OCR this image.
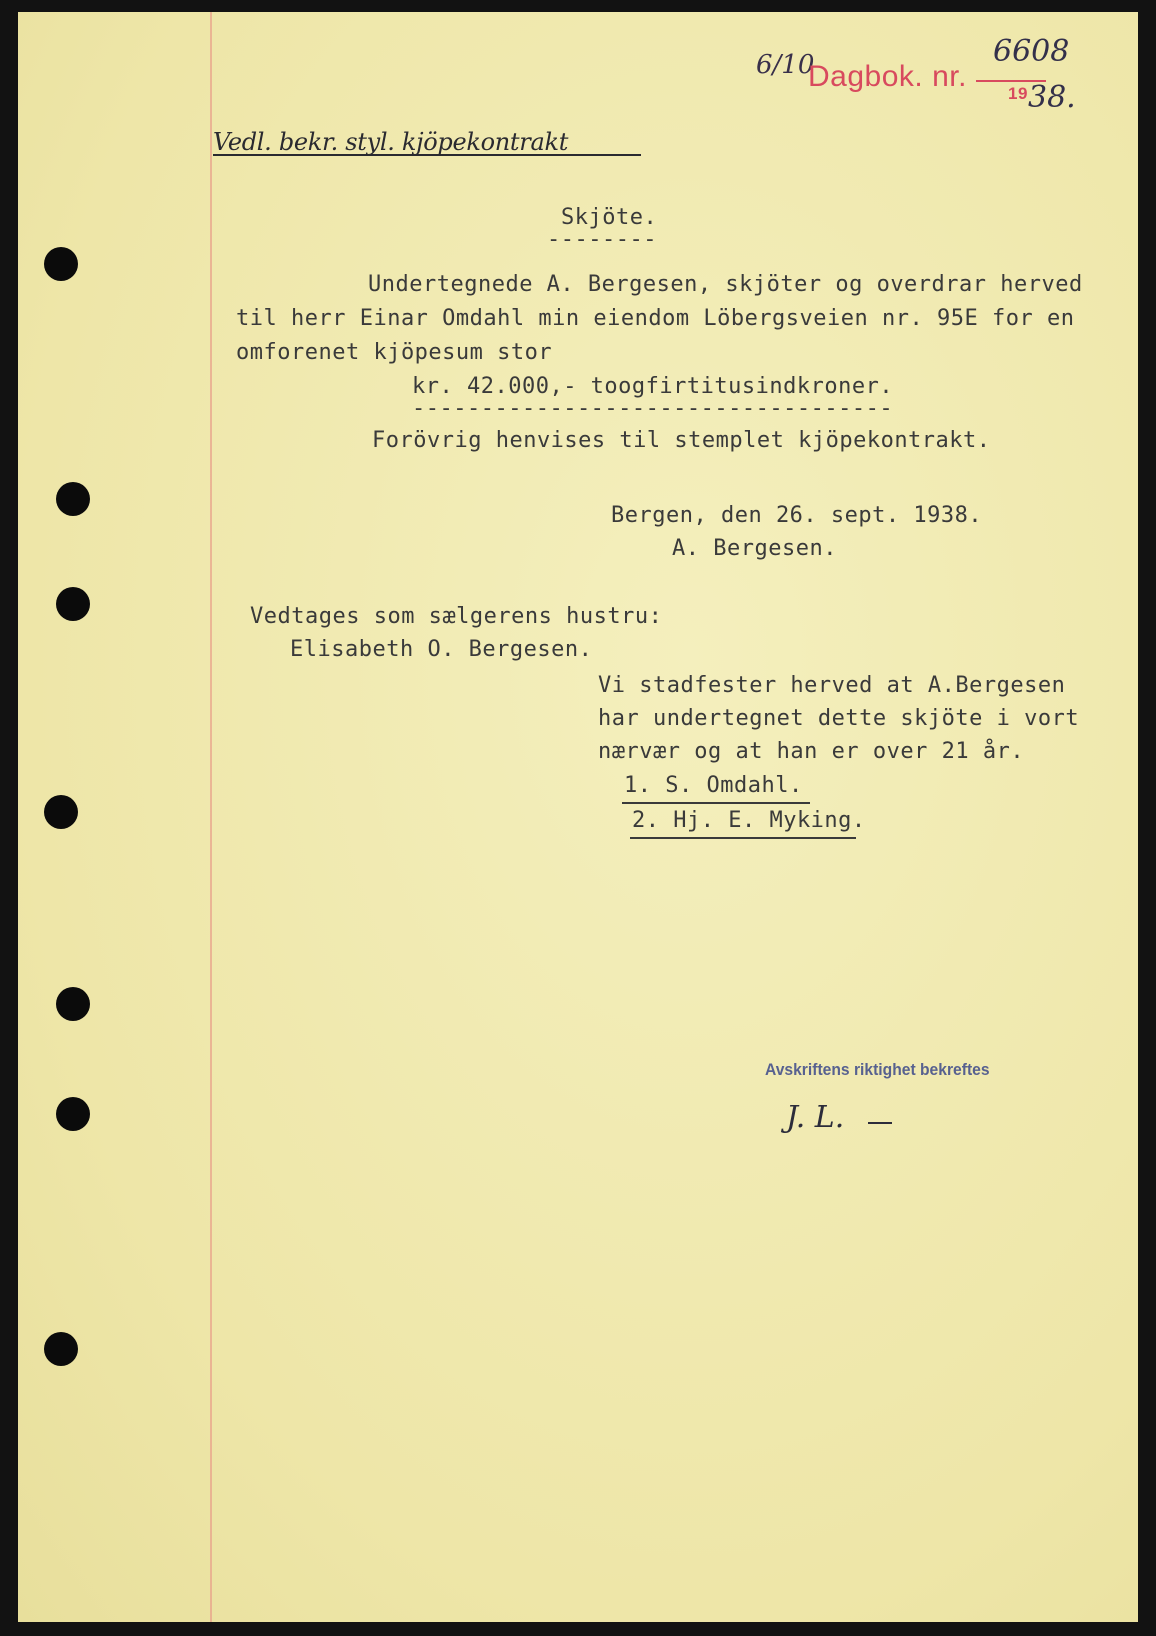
6/10
Dagbok. nr.
6608
19 38.
Vedl. bekr. styl. kjöpekontrakt
Skjöte.
--------
Undertegnede A. Bergesen, skjöter og overdrar herved
til herr Einar Omdahl min eiendom Löbergsveien nr. 95E for en
omforenet kjöpesum stor
kr. 42.000,- toogfirtitusindkroner.
-----------------------------------
Forövrig henvises til stemplet kjöpekontrakt.
Bergen, den 26. sept. 1938.
A. Bergesen.
Vedtages som sælgerens hustru:
Elisabeth O. Bergesen.
Vi stadfester herved at A.Bergesen
har undertegnet dette skjöte i vort
nærvær og at han er over 21 år.
1. S. Omdahl.
2. Hj. E. Myking.
Avskriftens riktighet bekreftes
J. L.
